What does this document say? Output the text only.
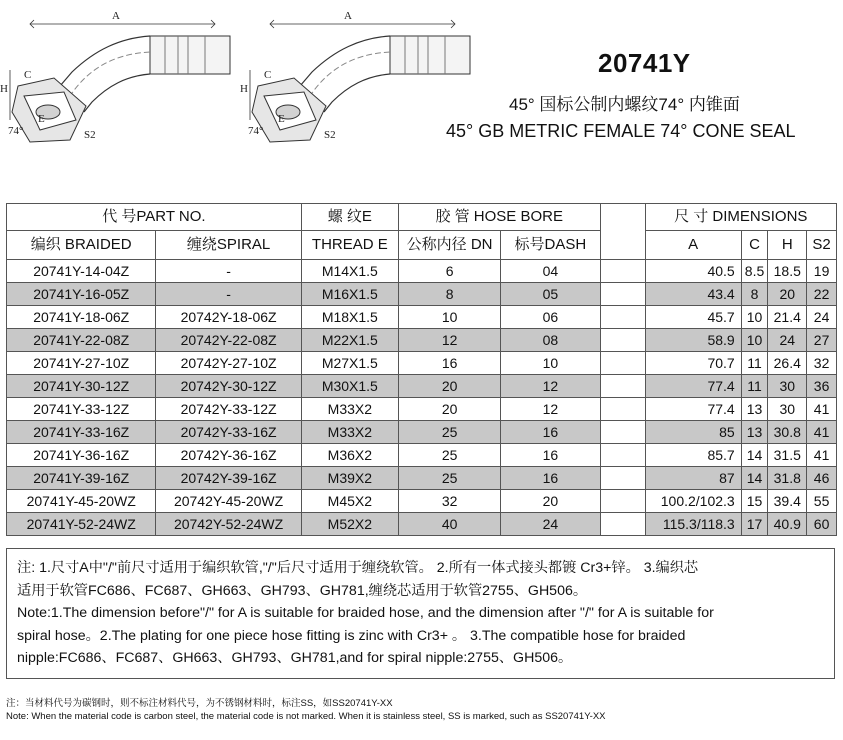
A
H
C
E
S2
74°
A
H
C
E
S2
74°
20741Y
45° 国标公制内螺纹74° 内锥面
45° GB METRIC FEMALE 74° CONE SEAL
代 号PART NO.		螺 纹E	胶 管 HOSE BORE			尺 寸 DIMENSIONS			
编织 BRAIDED	缠绕SPIRAL	THREAD E	公称内径 DN	标号DASH		A	C	H	S2
20741Y-14-04Z	-	M14X1.5	6	04		40.5	8.5	18.5	19
20741Y-16-05Z	-	M16X1.5	8	05		43.4	8	20	22
20741Y-18-06Z	20742Y-18-06Z	M18X1.5	10	06		45.7	10	21.4	24
20741Y-22-08Z	20742Y-22-08Z	M22X1.5	12	08		58.9	10	24	27
20741Y-27-10Z	20742Y-27-10Z	M27X1.5	16	10		70.7	11	26.4	32
20741Y-30-12Z	20742Y-30-12Z	M30X1.5	20	12		77.4	11	30	36
20741Y-33-12Z	20742Y-33-12Z	M33X2	20	12		77.4	13	30	41
20741Y-33-16Z	20742Y-33-16Z	M33X2	25	16		85	13	30.8	41
20741Y-36-16Z	20742Y-36-16Z	M36X2	25	16		85.7	14	31.5	41
20741Y-39-16Z	20742Y-39-16Z	M39X2	25	16		87	14	31.8	46
20741Y-45-20WZ	20742Y-45-20WZ	M45X2	32	20		100.2/102.3	15	39.4	55
20741Y-52-24WZ	20742Y-52-24WZ	M52X2	40	24		115.3/118.3	17	40.9	60

注: 1.尺寸A中"/"前尺寸适用于编织软管,"/"后尺寸适用于缠绕软管。 2.所有一体式接头都镀 Cr3+锌。 3.编织芯

适用于软管FC686、FC687、GH663、GH793、GH781,缠绕芯适用于软管2755、GH506。

Note:1.The dimension before"/" for A is suitable for braided hose, and the dimension after "/" for A is suitable for

spiral hose。2.The plating for one piece hose fitting is zinc with Cr3+ 。 3.The compatible hose for braided

nipple:FC686、FC687、GH663、GH793、GH781,and for spiral nipple:2755、GH506。

注：当材料代号为碳钢时，则不标注材料代号，为不锈钢材料时，标注SS，如SS20741Y-XX

Note: When the material code is carbon steel, the material code is not marked. When it is stainless steel, SS is marked, such as SS20741Y-XX
